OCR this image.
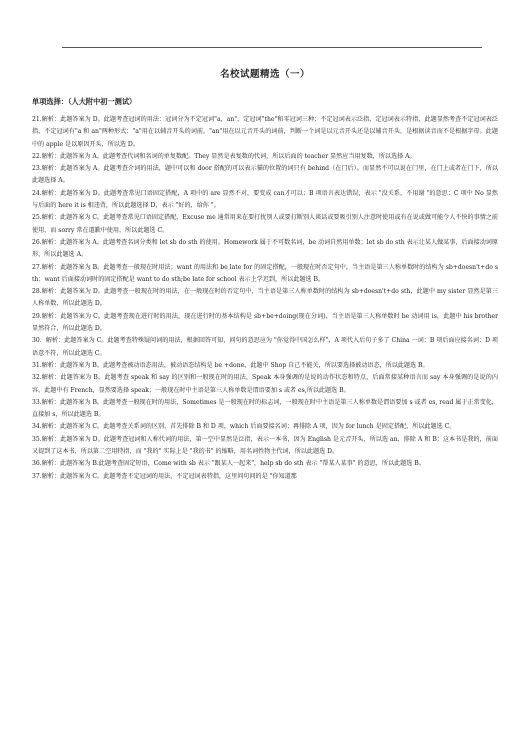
名校试题精选（一）
单项选择：（人大附中初一测试）

21.解析：此题答案为 D。此题考查冠词的用法：冠词分为不定冠词"a，an"、定冠词"the"和零冠词三种；不定冠词表示泛指，定冠词表示特指，此题显然考查不定冠词表泛指，不定冠词有"a 和 an"两种形式："a"用在以辅音开头的词前，"an"用在以元音开头的词前，判断一个词是以元音开头还是以辅音开头，是根据读音而不是根据字母。此题中的 apple 是以原因开头，所以选 D。

22.解析：此题答案为 A。此题考查代词和名词的单复数配。They 显然是表复数的代词，所以后面的 teacher 显然应当用复数，所以选择 A。

23.解析：此题答案为 A。此题考查介词的用法，题中可以和 door 搭配的可以表示猫的位置的词只有 behind（在门后）。而显然不可以说在门里，在门上或者在门下，所以此题选择 A。

24.解析：此题答案为 D。此题考查常见口语固定搭配，A 项中的 are 显然不对，要变成 can才可以；B 项语言表达错误，表示 "没关系，不用谢 "的意思；C 项中 No 显然与后面的 here it is 相违背，所以此题选择 D，表示 "好的，给你 "。

25.解析：此题答案为 C。此题考查常见口语固定搭配，Excuse me 通常用来在要打扰别人或要打断别人谈话或要吸引别人注意时使用或有在说或做可能令人不快的事情之前使用，而 sorry 常在道歉中使用，所以此题选 C。

26.解析：此题答案为 A。此题考查名词分类和 let sb do sth 的使用。Homework 属于不可数名词，be 动词自然用单数；let sb do sth 表示让某人做某事，后面接动词原形，所以此题选 A。

27.解析：此题答案为 B。此题考查一般现在时用法；want 的用法和 be late for 的固定搭配，一般现在时否定句中，当主语是第三人称单数时的结构为 sb+doesn't+do sth；want 后面接动词时的固定搭配是 want to do sth;be late for school 表示上学迟到，所以此题选 B。

28.解析：此题答案为 D。此题考查一般现在时的用法，在一般现在时的否定句中，当主语是第三人称单数时的结构为 sb+doesn't+do sth，此题中 my sister 显然是第三人称单数，所以此题选 D。

29.解析：此题答案为 C。此题考查现在进行时的用法，现在进行时的基本结构是 sb+be+doing(现在分词)，当主语是第三人称单数时 be 动词用 is，此题中 his brother 显然符合，所以此题选 D。

30．解析：此题答案为 C。此题考查特殊疑问词的用法，根据回答可知，问句的意思应为 "你觉得中国怎么样"，A 项代入后句子多了 China 一词；B 项后面应接名词；D 项语意不符，所以此题选 C。

31.解析：此题答案为 B。此题考查被动语态用法，被动语态结构是 be +done，此题中 Shop 自己不能关，所以要选择被动语态，所以此题选 B。

32.解析：此题答案为 B。此题考查 speak 和 say 的区别和一般现在时的用法，Speak 本身强调的是说的动作状态和特点，后面常接某种语言而 say 本身强调的是说的内容，此题中有 French，显然要选择 speak；一般现在时中主语是第三人称单数是谓语要加 s 或者 es,所以此题选 B。

33.解析：此题答案为 B。此题考查一般现在时的用法，Sometimes 是一般现在时的标志词，一般现在时中主语是第三人称单数是谓语要加 s 或者 es, read 属于正常变化，直接加 s，所以此题选 B。

34.解析：此题答案为 C。此题考查关系词的区别，首先排除 B 和 D 项，which 后面要接名词；再排除 A 项，因为 for lunch 是固定搭配，所以此题选 C。

35.解析：此题答案为 D。此题考查冠词和人称代词的用法，第一空中显然是泛指，表示一本书，因为 English 是元音开头，所以选 an，排除 A 和 B；这本书是我的，前面又提到了这本书，所以第二空用特指，而 "我的" 实际上是 "我的书" 的缩略，用名词性物主代词，所以此题选 D。

36.解析：此题答案为 B.此题考查固定短语，Come with sb 表示 "跟某人一起来"，help sb do sth 表示 "帮某人某事" 的意思，所以此题选 B。

37.解析：此题答案为 C。此题考查不定冠词的用法，不定冠词表特指，这里问句问的是 "你知道那
